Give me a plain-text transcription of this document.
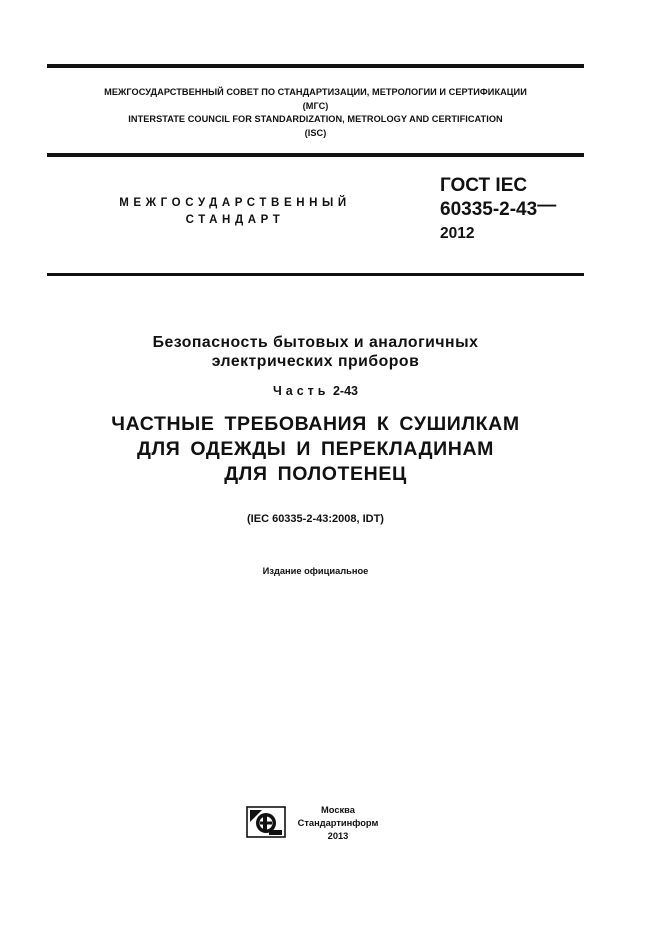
МЕЖГОСУДАРСТВЕННЫЙ СОВЕТ ПО СТАНДАРТИЗАЦИИ, МЕТРОЛОГИИ И СЕРТИФИКАЦИИ
(МГС)
INTERSTATE COUNCIL FOR STANDARDIZATION, METROLOGY AND CERTIFICATION
(ISC)
МЕЖГОСУДАРСТВЕННЫЙ
СТАНДАРТ
ГОСТ IEC
60335-2-43—
2012
Безопасность бытовых и аналогичных
электрических приборов
Часть 2-43
ЧАСТНЫЕ ТРЕБОВАНИЯ К СУШИЛКАМ
ДЛЯ ОДЕЖДЫ И ПЕРЕКЛАДИНАМ
ДЛЯ ПОЛОТЕНЕЦ
(IEC 60335-2-43:2008, IDT)
Издание официальное
Москва
Стандартинформ
2013
